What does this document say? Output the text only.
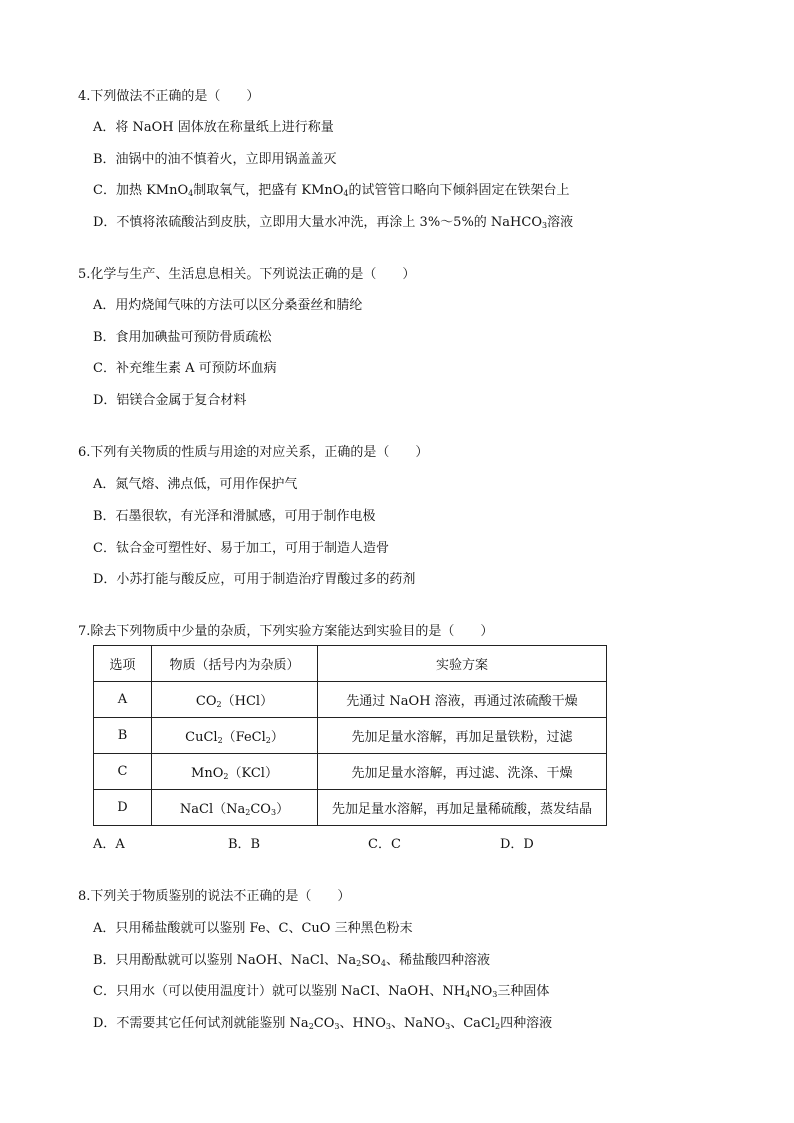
4.下列做法不正确的是（　　）
A．将 NaOH 固体放在称量纸上进行称量
B．油锅中的油不慎着火，立即用锅盖盖灭
C．加热 KMnO$_4$制取氧气，把盛有 KMnO$_4$的试管管口略向下倾斜固定在铁架台上
D．不慎将浓硫酸沾到皮肤，立即用大量水冲洗，再涂上 3%～5%的 NaHCO$_3$溶液
5.化学与生产、生活息息相关。下列说法正确的是（　　）
A．用灼烧闻气味的方法可以区分桑蚕丝和腈纶
B．食用加碘盐可预防骨质疏松
C．补充维生素 A 可预防坏血病
D．铝镁合金属于复合材料
6.下列有关物质的性质与用途的对应关系，正确的是（　　）
A．氮气熔、沸点低，可用作保护气
B．石墨很软，有光泽和滑腻感，可用于制作电极
C．钛合金可塑性好、易于加工，可用于制造人造骨
D．小苏打能与酸反应，可用于制造治疗胃酸过多的药剂
7.除去下列物质中少量的杂质，下列实验方案能达到实验目的是（　　）
选项	物质（括号内为杂质）	实验方案
A	$CO_2(HCl)$	先通过 NaOH 溶液，再通过浓硫酸干燥
B	CuCl$_2$（FeCl$_2$）	先加足量水溶解，再加足量铁粉，过滤
C	MnO$_2$（KCl）	先加足量水溶解，再过滤、洗涤、干燥
D	$NaCl(Na_2CO_3)$	先加足量水溶解，再加足量稀硫酸，蒸发结晶
A．A	B．B	C．C	D．D
8.下列关于物质鉴别的说法不正确的是（　　）
A．只用稀盐酸就可以鉴别 Fe、C、CuO 三种黑色粉末
B．只用酚酞就可以鉴别 NaOH、NaCl、$Na_2SO_4$、稀盐酸四种溶液
C．只用水（可以使用温度计）就可以鉴别 NaCI、NaOH、$NH_4NO_3$三种固体
D．不需要其它任何试剂就能鉴别 $Na_2CO_3$、$HNO_3$、NaNO$_3$、CaCl$_2$四种溶液
